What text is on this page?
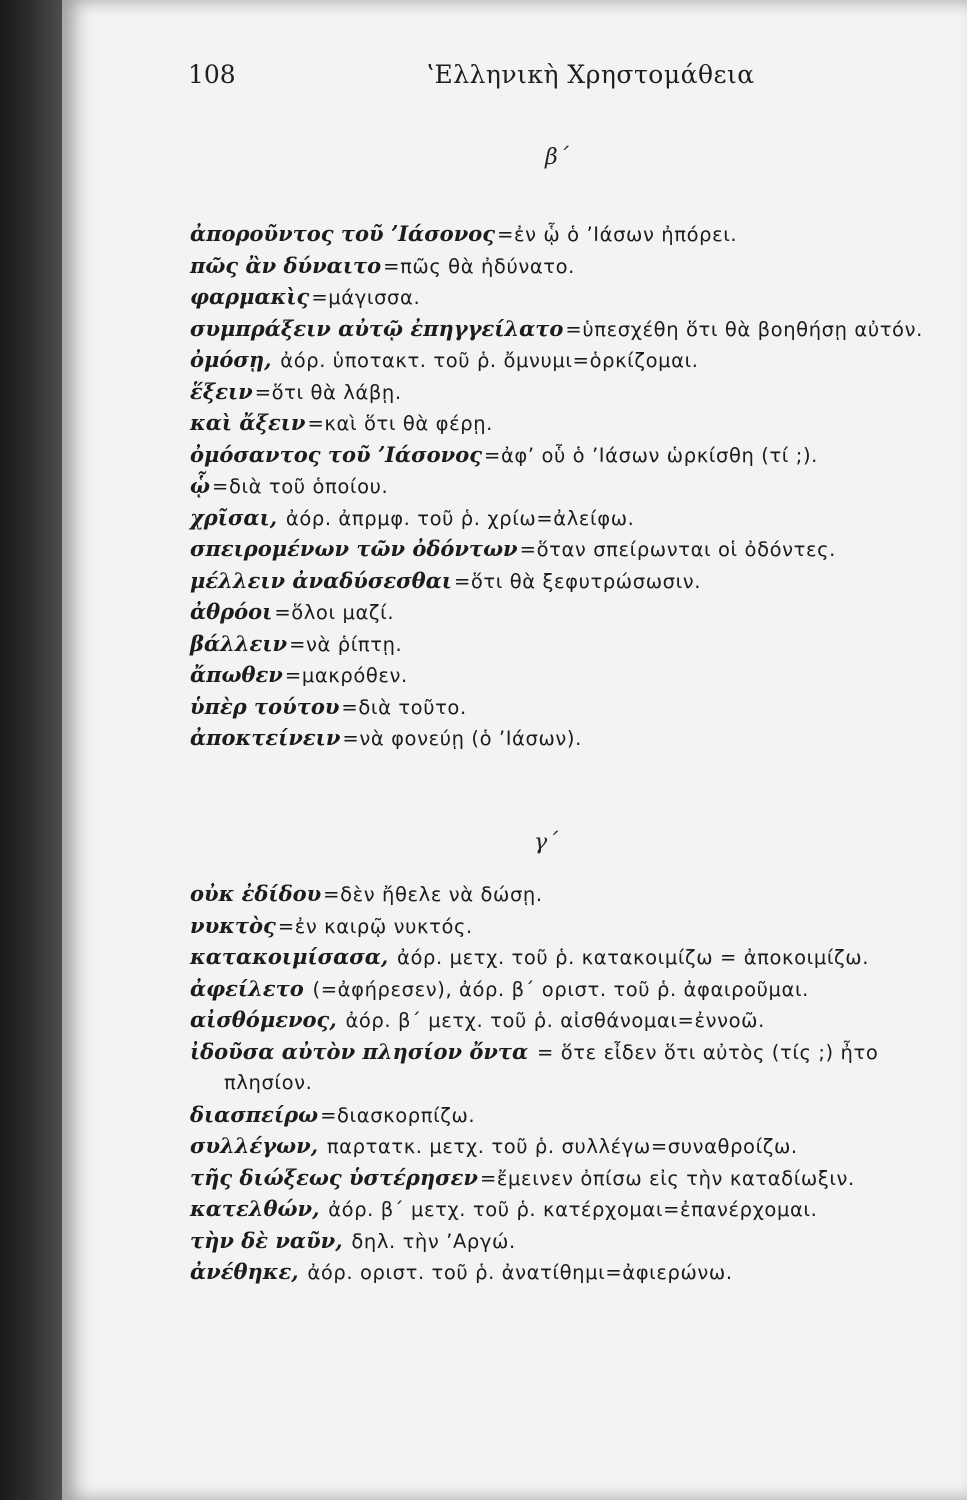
108	ʽΕλληνικὴ Χρηστομάθεια
β΄
ἀποροῦντος τοῦ ʼΙάσονος =ἐν ᾧ ὁ ʼΙάσων ἠπόρει.
πῶς ἂν δύναιτο =πῶς θὰ ἠδύνατο.
φαρμακὶς =μάγισσα.
συμπράξειν αὐτῷ ἐπηγγείλατο =ὑπεσχέθη ὅτι θὰ βοηθήσῃ αὐτόν.
ὀμόσῃ, ἀόρ. ὑποτακτ. τοῦ ῥ. ὄμνυμι=ὁρκίζομαι.
ἕξειν =ὅτι θὰ λάβῃ.
καὶ ἄξειν =καὶ ὅτι θὰ φέρῃ.
ὀμόσαντος τοῦ ʼΙάσονος =ἀφʼ οὗ ὁ ʼΙάσων ὡρκίσθη (τί ;).
ᾧ =διὰ τοῦ ὁποίου.
χρῖσαι, ἀόρ. ἀπρμφ. τοῦ ῥ. χρίω=ἀλείφω.
σπειρομένων τῶν ὀδόντων =ὅταν σπείρωνται οἱ ὀδόντες.
μέλλειν ἀναδύσεσθαι =ὅτι θὰ ξεφυτρώσωσιν.
ἀθρόοι =ὅλοι μαζί.
βάλλειν =νὰ ῥίπτῃ.
ἄπωθεν =μακρόθεν.
ὑπὲρ τούτου =διὰ τοῦτο.
ἀποκτείνειν =νὰ φονεύῃ (ὁ ʼΙάσων).
γ΄
οὐκ ἐδίδου =δὲν ἤθελε νὰ δώσῃ.
νυκτὸς =ἐν καιρῷ νυκτός.
κατακοιμίσασα, ἀόρ. μετχ. τοῦ ῥ. κατακοιμίζω = ἀποκοιμίζω.
ἀφείλετο (=ἀφήρεσεν), ἀόρ. β΄ οριστ. τοῦ ῥ. ἀφαιροῦμαι.
αἰσθόμενος, ἀόρ. β΄ μετχ. τοῦ ῥ. αἰσθάνομαι=ἐννοῶ.
ἰδοῦσα αὐτὸν πλησίον ὄντα = ὅτε εἶδεν ὅτι αὐτὸς (τίς ;) ἦτο
πλησίον.
διασπείρω =διασκορπίζω.
συλλέγων, παρτατκ. μετχ. τοῦ ῥ. συλλέγω=συναθροίζω.
τῆς διώξεως ὑστέρησεν =ἔμεινεν ὀπίσω εἰς τὴν καταδίωξιν.
κατελθών, ἀόρ. β΄ μετχ. τοῦ ῥ. κατέρχομαι=ἐπανέρχομαι.
τὴν δὲ ναῦν, δηλ. τὴν ʼΑργώ.
ἀνέθηκε, ἀόρ. οριστ. τοῦ ῥ. ἀνατίθημι=ἀφιερώνω.
